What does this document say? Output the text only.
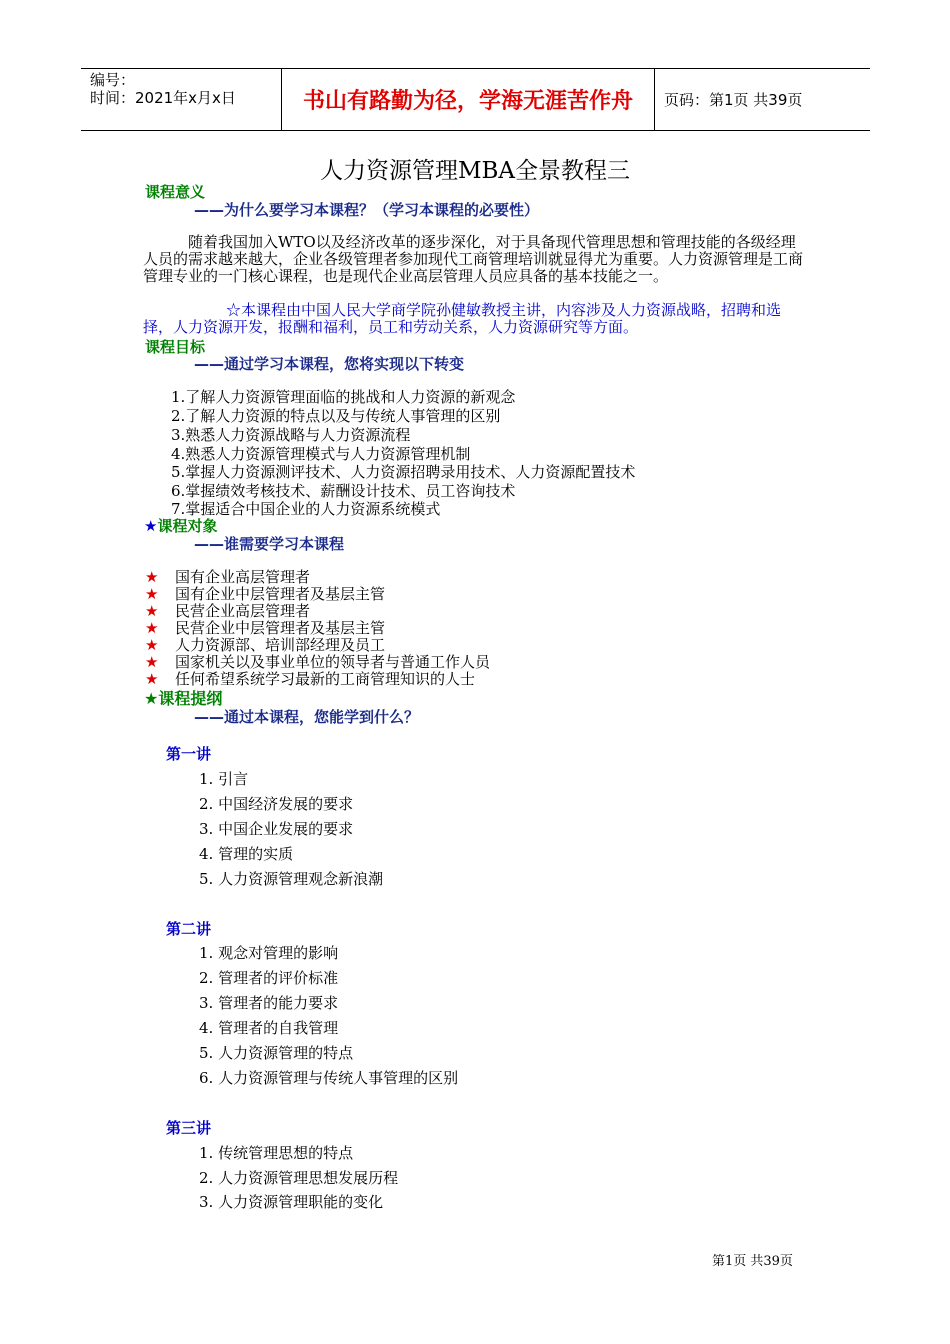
编号：
时间：2021年x月x日	书山有路勤为径，学海无涯苦作舟	页码：第1页 共39页
人力资源管理MBA全景教程三
课程意义
——为什么要学习本课程？（学习本课程的必要性）
随着我国加入WTO以及经济改革的逐步深化，对于具备现代管理思想和管理技能的各级经理人员的需求越来越大，企业各级管理者参加现代工商管理培训就显得尤为重要。人力资源管理是工商管理专业的一门核心课程，也是现代企业高层管理人员应具备的基本技能之一。
☆本课程由中国人民大学商学院孙健敏教授主讲，内容涉及人力资源战略，招聘和选择，人力资源开发，报酬和福利，员工和劳动关系，人力资源研究等方面。
课程目标
——通过学习本课程，您将实现以下转变
1.了解人力资源管理面临的挑战和人力资源的新观念
2.了解人力资源的特点以及与传统人事管理的区别
3.熟悉人力资源战略与人力资源流程
4.熟悉人力资源管理模式与人力资源管理机制
5.掌握人力资源测评技术、人力资源招聘录用技术、人力资源配置技术
6.掌握绩效考核技术、薪酬设计技术、员工咨询技术
7.掌握适合中国企业的人力资源系统模式
★课程对象
——谁需要学习本课程
★ 国有企业高层管理者
★ 国有企业中层管理者及基层主管
★ 民营企业高层管理者
★ 民营企业中层管理者及基层主管
★ 人力资源部、培训部经理及员工
★ 国家机关以及事业单位的领导者与普通工作人员
★ 任何希望系统学习最新的工商管理知识的人士
★课程提纲
——通过本课程，您能学到什么？
第一讲
1. 引言
2. 中国经济发展的要求
3. 中国企业发展的要求
4. 管理的实质
5. 人力资源管理观念新浪潮
第二讲
1. 观念对管理的影响
2. 管理者的评价标准
3. 管理者的能力要求
4. 管理者的自我管理
5. 人力资源管理的特点
6. 人力资源管理与传统人事管理的区别
第三讲
1. 传统管理思想的特点
2. 人力资源管理思想发展历程
3. 人力资源管理职能的变化
第1页 共39页
